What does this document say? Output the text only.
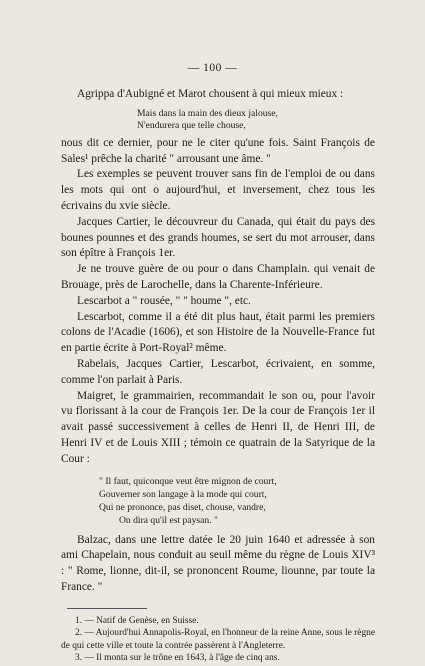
— 100 —

Agrippa d'Aubigné et Marot chousent à qui mieux mieux :

Mais dans la main des dieux jalouse,
N'endurera que telle chouse,

nous dit ce dernier, pour ne le citer qu'une fois. Saint François de Sales¹ prêche la charité " arrousant une âme. "

Les exemples se peuvent trouver sans fin de l'emploi de ou dans les mots qui ont o aujourd'hui, et inversement, chez tous les écrivains du xvie siècle.

Jacques Cartier, le découvreur du Canada, qui était du pays des bounes pounnes et des grands houmes, se sert du mot arrouser, dans son épître à François 1er.

Je ne trouve guère de ou pour o dans Champlain. qui venait de Brouage, près de Larochelle, dans la Charente-Inférieure.

Lescarbot a " rousée, " " houme ", etc.

Lescarbot, comme il a été dit plus haut, était parmi les premiers colons de l'Acadie (1606), et son Histoire de la Nouvelle-France fut en partie écrite à Port-Royal² même.

Rabelais, Jacques Cartier, Lescarbot, écrivaient, en somme, comme l'on parlait à Paris.

Maigret, le grammairien, recommandait le son ou, pour l'avoir vu florissant à la cour de François 1er. De la cour de François 1er il avait passé successivement à celles de Henri II, de Henri III, de Henri IV et de Louis XIII ; témoin ce quatrain de la Satyrique de la Cour :

" Il faut, quiconque veut être mignon de court,
Gouverner son langage à la mode qui court,
Qui ne prononce, pas diset, chouse, vandre,
On dira qu'il est paysan. "

Balzac, dans une lettre datée le 20 juin 1640 et adressée à son ami Chapelain, nous conduit au seuil même du règne de Louis XIV³ : " Rome, lionne, dit-il, se prononcent Roume, liounne, par toute la France. "

1. — Natif de Genèse, en Suisse.
2. — Aujourd'hui Annapolis-Royal, en l'honneur de la reine Anne, sous le règne de qui cette ville et toute la contrée passèrent à l'Angleterre.
3. — Il monta sur le trône en 1643, à l'âge de cinq ans.
